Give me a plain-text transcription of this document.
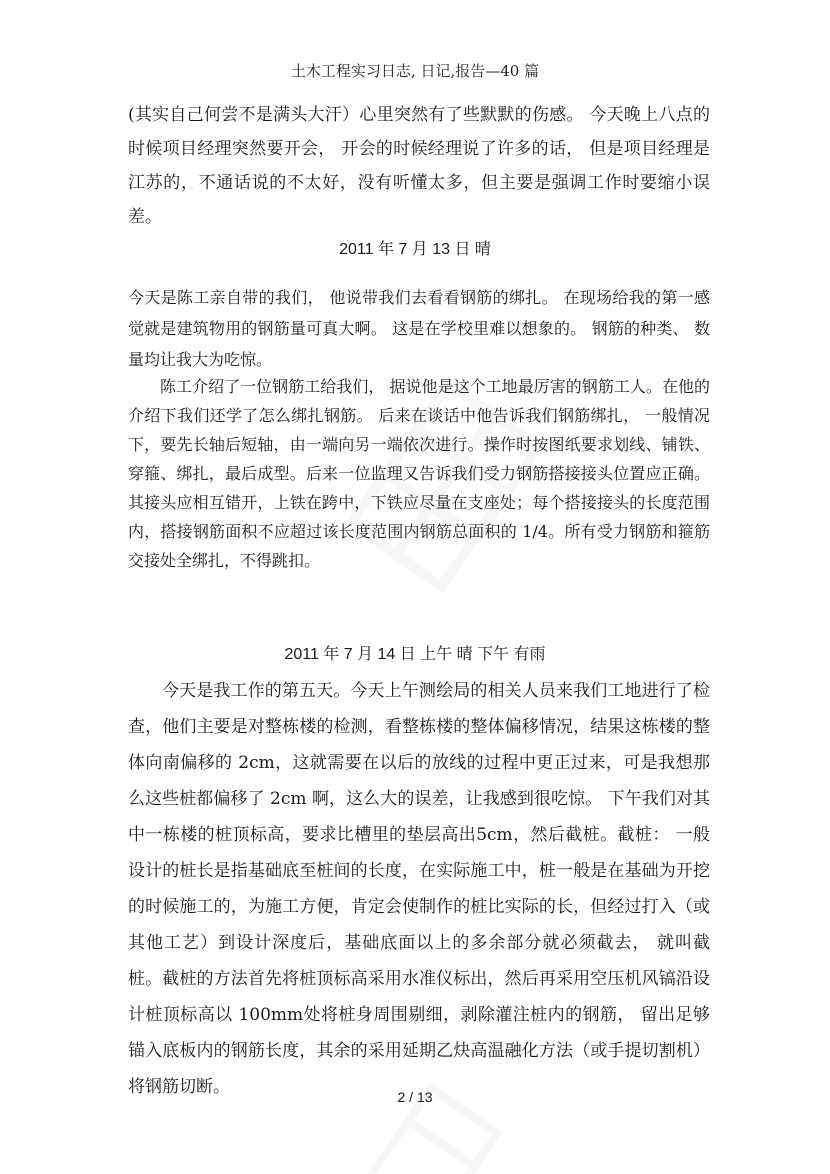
土木工程实习日志, 日记,报告—40 篇

(其实自己何尝不是满头大汗）心里突然有了些默默的伤感。 今天晚上八点的时候项目经理突然要开会， 开会的时候经理说了许多的话， 但是项目经理是江苏的，不通话说的不太好，没有听懂太多，但主要是强调工作时要缩小误差。

2011 年 7 月 13 日 晴

今天是陈工亲自带的我们， 他说带我们去看看钢筋的绑扎。 在现场给我的第一感觉就是建筑物用的钢筋量可真大啊。 这是在学校里难以想象的。 钢筋的种类、 数量均让我大为吃惊。

陈工介绍了一位钢筋工给我们， 据说他是这个工地最厉害的钢筋工人。在他的介绍下我们还学了怎么绑扎钢筋。 后来在谈话中他告诉我们钢筋绑扎， 一般情况下，要先长轴后短轴，由一端向另一端依次进行。操作时按图纸要求划线、铺铁、穿箍、绑扎，最后成型。后来一位监理又告诉我们受力钢筋搭接接头位置应正确。其接头应相互错开，上铁在跨中，下铁应尽量在支座处；每个搭接接头的长度范围内，搭接钢筋面积不应超过该长度范围内钢筋总面积的 1/4。所有受力钢筋和箍筋交接处全绑扎，不得跳扣。

2011 年 7 月 14 日 上午 晴 下午 有雨

今天是我工作的第五天。今天上午测绘局的相关人员来我们工地进行了检查，他们主要是对整栋楼的检测，看整栋楼的整体偏移情况，结果这栋楼的整体向南偏移的 2cm，这就需要在以后的放线的过程中更正过来，可是我想那么这些桩都偏移了 2cm 啊，这么大的误差，让我感到很吃惊。 下午我们对其中一栋楼的桩顶标高，要求比槽里的垫层高出5cm，然后截桩。截桩： 一般设计的桩长是指基础底至桩间的长度，在实际施工中，桩一般是在基础为开挖的时候施工的，为施工方便，肯定会使制作的桩比实际的长，但经过打入（或其他工艺）到设计深度后，基础底面以上的多余部分就必须截去， 就叫截桩。截桩的方法首先将桩顶标高采用水准仪标出，然后再采用空压机风镐沿设计桩顶标高以 100mm处将桩身周围剔细，剥除灌注桩内的钢筋， 留出足够锚入底板内的钢筋长度，其余的采用延期乙炔高温融化方法（或手提切割机）将钢筋切断。	2 / 13
